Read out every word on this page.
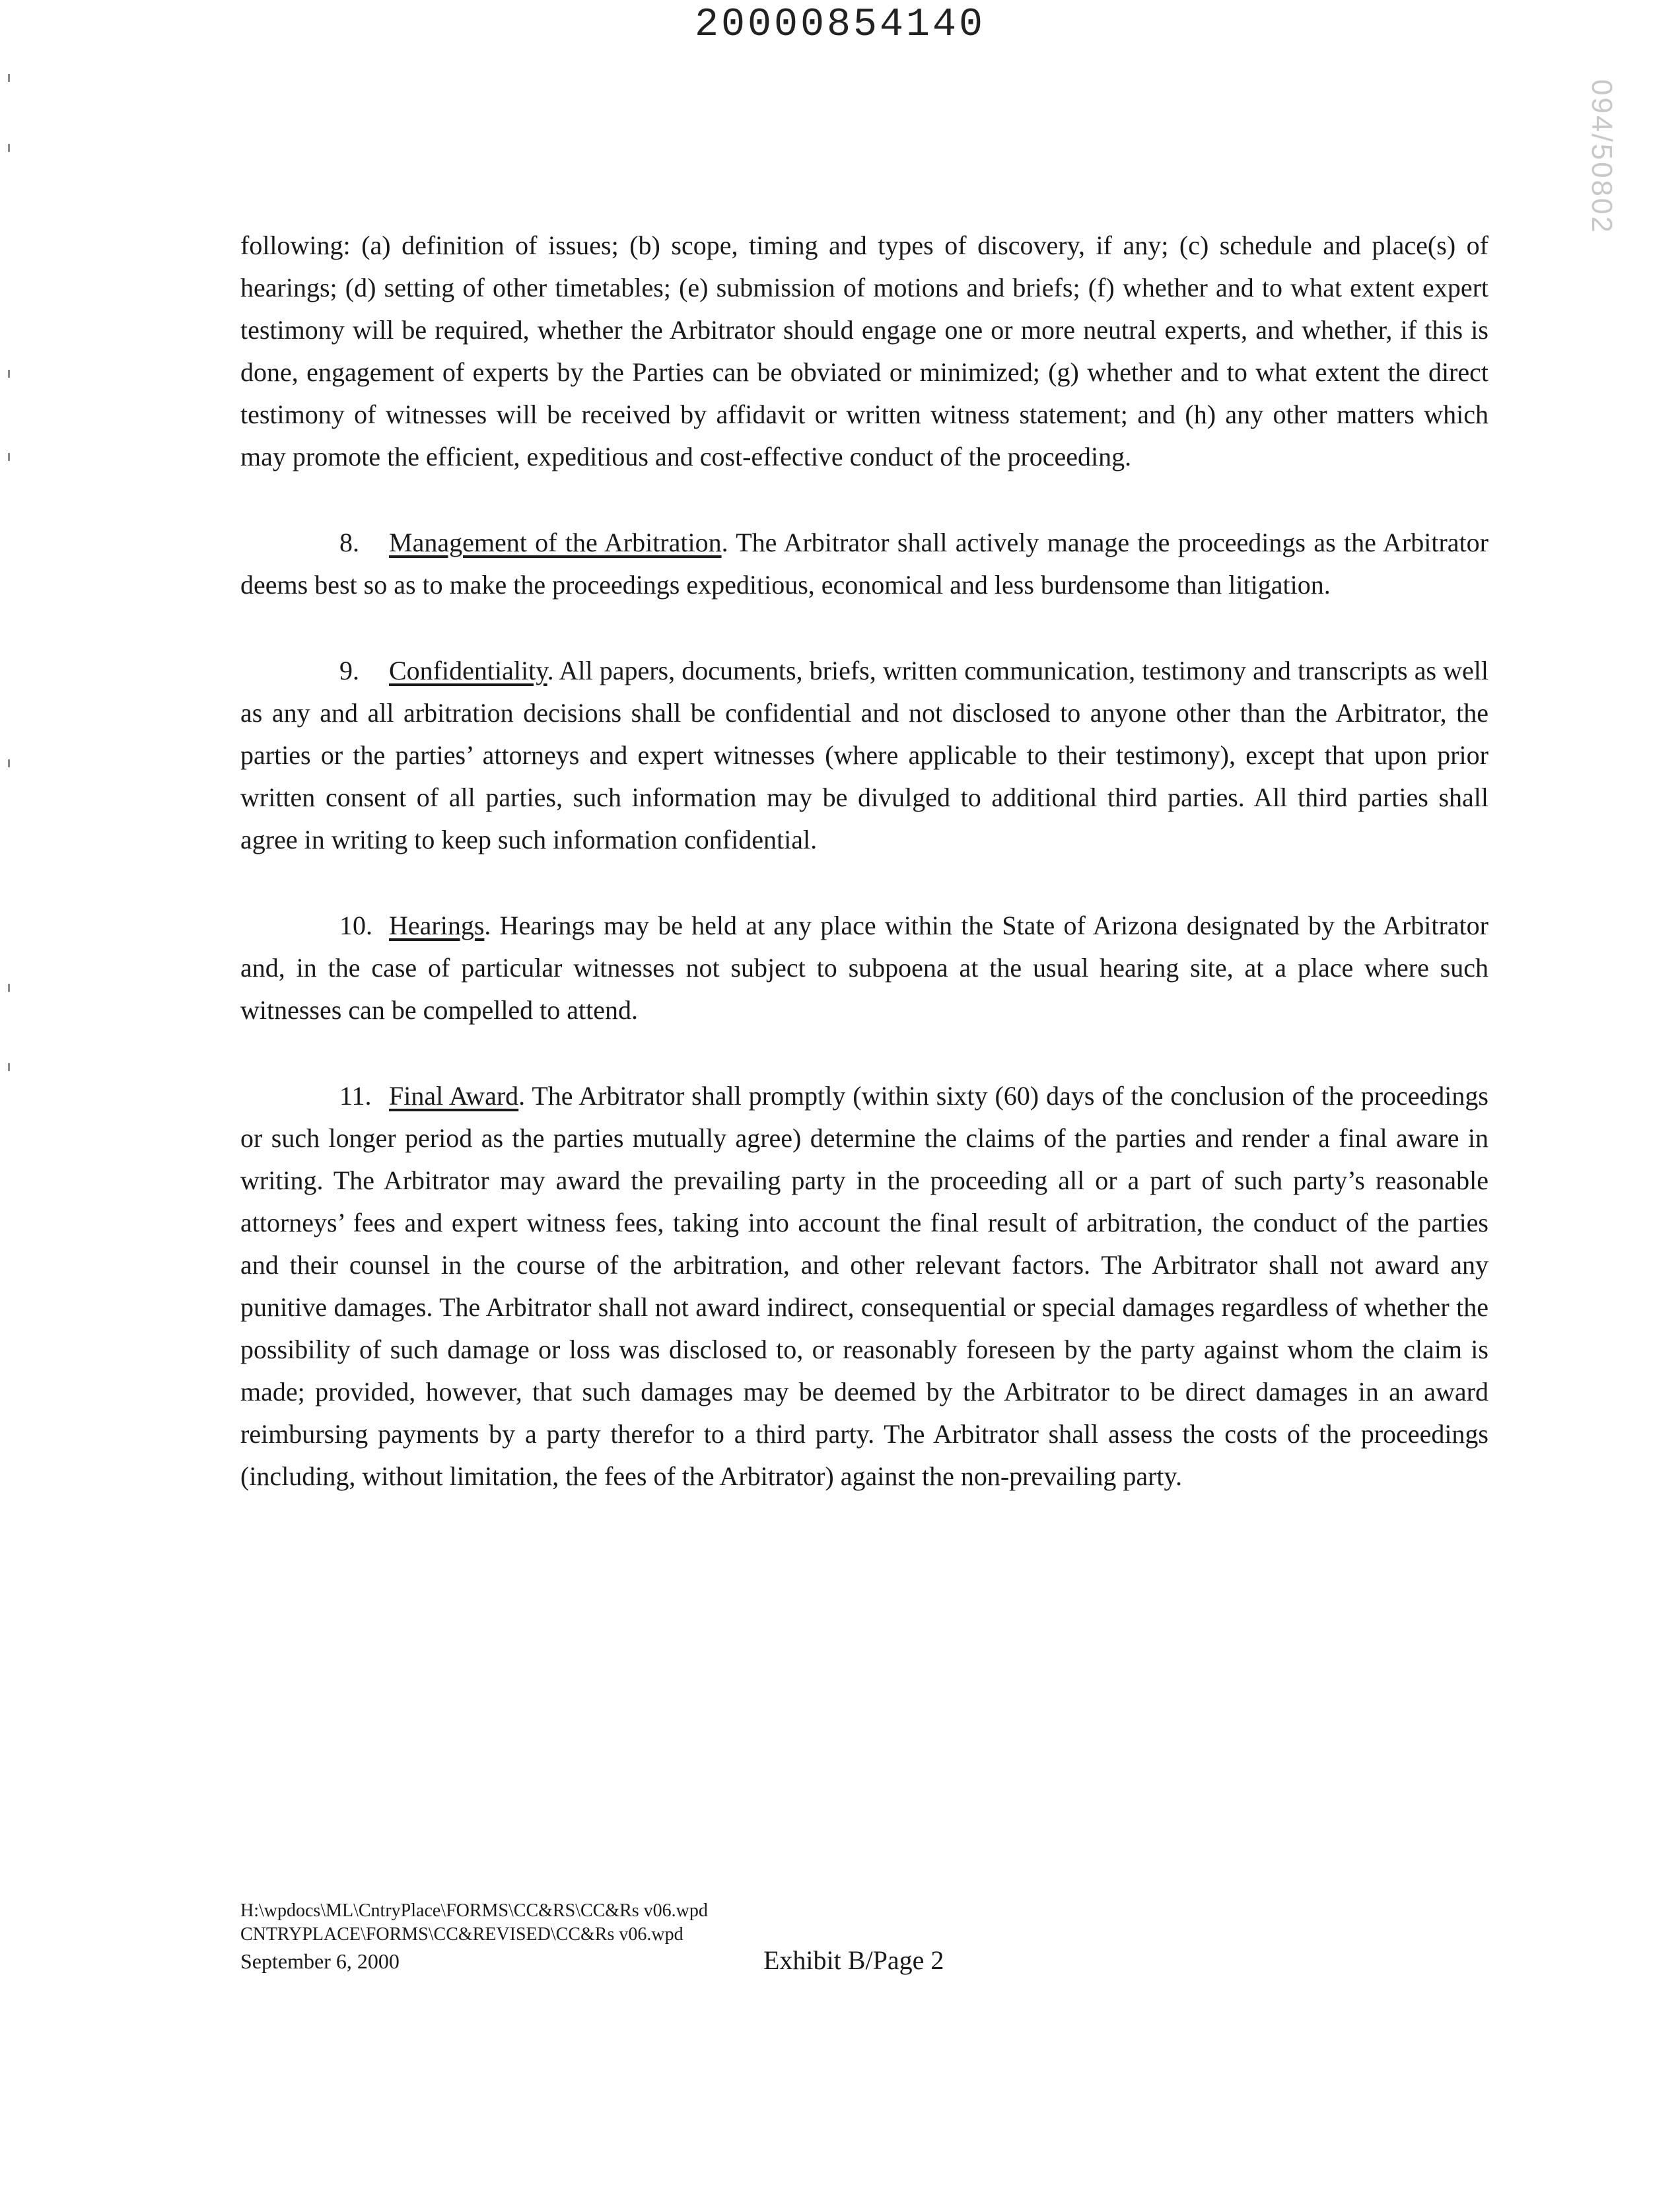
20000854140
094/50802

following: (a) definition of issues; (b) scope, timing and types of discovery, if any; (c) schedule and place(s) of hearings; (d) setting of other timetables; (e) submission of motions and briefs; (f) whether and to what extent expert testimony will be required, whether the Arbitrator should engage one or more neutral experts, and whether, if this is done, engagement of experts by the Parties can be obviated or minimized; (g) whether and to what extent the direct testimony of witnesses will be received by affidavit or written witness statement; and (h) any other matters which may promote the efficient, expeditious and cost-effective conduct of the proceeding.

8. Management of the Arbitration. The Arbitrator shall actively manage the proceedings as the Arbitrator deems best so as to make the proceedings expeditious, economical and less burdensome than litigation.

9. Confidentiality. All papers, documents, briefs, written communication, testimony and transcripts as well as any and all arbitration decisions shall be confidential and not disclosed to anyone other than the Arbitrator, the parties or the parties’ attorneys and expert witnesses (where applicable to their testimony), except that upon prior written consent of all parties, such information may be divulged to additional third parties. All third parties shall agree in writing to keep such information confidential.

10. Hearings. Hearings may be held at any place within the State of Arizona designated by the Arbitrator and, in the case of particular witnesses not subject to subpoena at the usual hearing site, at a place where such witnesses can be compelled to attend.

11. Final Award. The Arbitrator shall promptly (within sixty (60) days of the conclusion of the proceedings or such longer period as the parties mutually agree) determine the claims of the parties and render a final aware in writing. The Arbitrator may award the prevailing party in the proceeding all or a part of such party’s reasonable attorneys’ fees and expert witness fees, taking into account the final result of arbitration, the conduct of the parties and their counsel in the course of the arbitration, and other relevant factors. The Arbitrator shall not award any punitive damages. The Arbitrator shall not award indirect, consequential or special damages regardless of whether the possibility of such damage or loss was disclosed to, or reasonably foreseen by the party against whom the claim is made; provided, however, that such damages may be deemed by the Arbitrator to be direct damages in an award reimbursing payments by a party therefor to a third party. The Arbitrator shall assess the costs of the proceedings (including, without limitation, the fees of the Arbitrator) against the non-prevailing party.

H:\wpdocs\ML\CntryPlace\FORMS\CC&RS\CC&Rs v06.wpd
CNTRYPLACE\FORMS\CC&REVISED\CC&Rs v06.wpd
September 6, 2000	Exhibit B/Page 2
